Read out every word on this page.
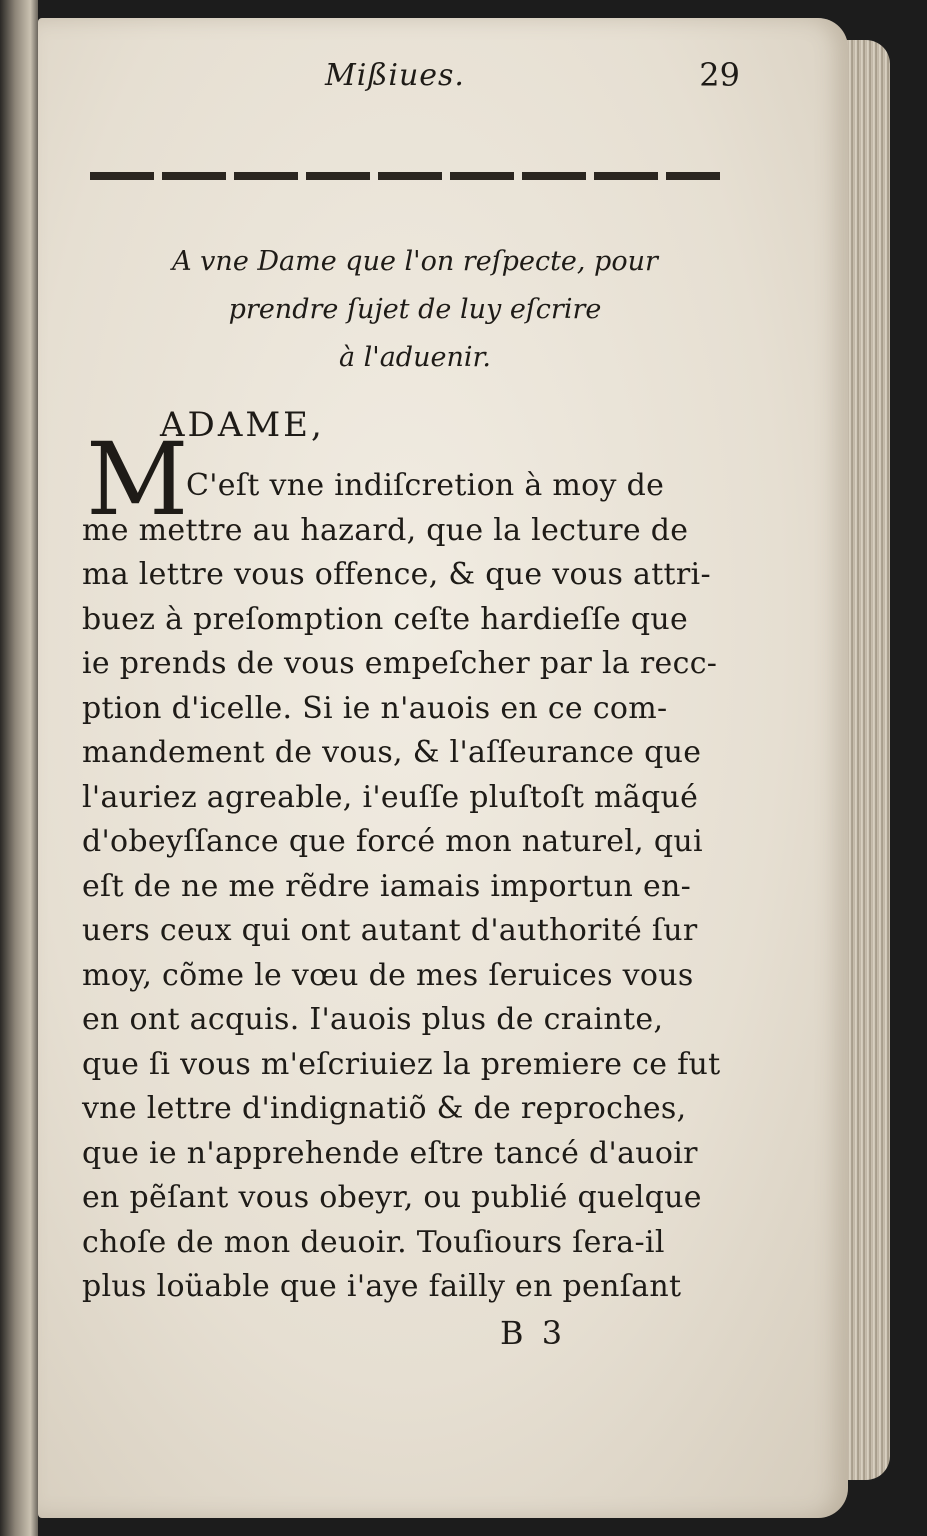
Mißiues.	29
A vne Dame que l'on reſpecte, pour
prendre ſujet de luy eſcrire
à l'aduenir.
M
ADAME,
C'eſt vne indiſcretion à moy de
me mettre au hazard, que la lecture de
ma lettre vous offence, & que vous attri-
buez à preſomption ceſte hardieſſe que
ie prends de vous empeſcher par la recc-
ption d'icelle. Si ie n'auois en ce com-
mandement de vous, & l'aſſeurance que
l'auriez agreable, i'euſſe pluſtoſt mãqué
d'obeyſſance que forcé mon naturel, qui
eſt de ne me rẽdre iamais importun en-
uers ceux qui ont autant d'authorité ſur
moy, cõme le vœu de mes ſeruices vous
en ont acquis. I'auois plus de crainte,
que ſi vous m'eſcriuiez la premiere ce fut
vne lettre d'indignatiõ & de reproches,
que ie n'apprehende eſtre tancé d'auoir
en pẽſant vous obeyr, ou publié quelque
choſe de mon deuoir. Touſiours ſera-il
plus loüable que i'aye failly en penſant
B 3
